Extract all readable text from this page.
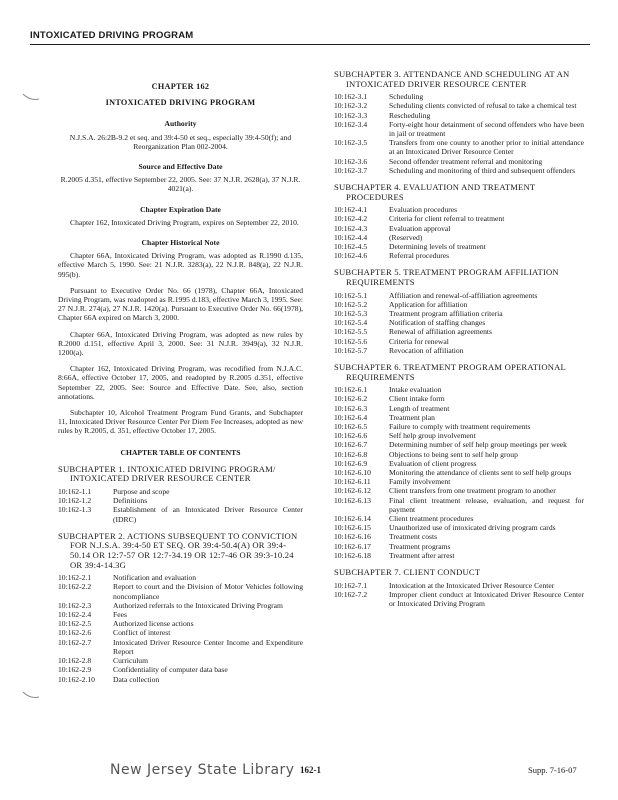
INTOXICATED DRIVING PROGRAM

CHAPTER 162

INTOXICATED DRIVING PROGRAM

Authority

N.J.S.A. 26:2B-9.2 et seq. and 39:4-50 et seq., especially 39:4-50(f); and Reorganization Plan 002-2004.

Source and Effective Date

R.2005 d.351, effective September 22, 2005. See: 37 N.J.R. 2628(a), 37 N.J.R. 4021(a).

Chapter Expiration Date

Chapter 162, Intoxicated Driving Program, expires on September 22, 2010.

Chapter Historical Note

Chapter 66A, Intoxicated Driving Program, was adopted as R.1990 d.135, effective March 5, 1990. See: 21 N.J.R. 3283(a), 22 N.J.R. 848(a), 22 N.J.R. 995(b).

Pursuant to Executive Order No. 66 (1978), Chapter 66A, Intoxicated Driving Program, was readopted as R.1995 d.183, effective March 3, 1995. See: 27 N.J.R. 274(a), 27 N.J.R. 1420(a). Pursuant to Executive Order No. 66(1978), Chapter 66A expired on March 3, 2000.

Chapter 66A, Intoxicated Driving Program, was adopted as new rules by R.2000 d.151, effective April 3, 2000. See: 31 N.J.R. 3949(a), 32 N.J.R. 1200(a).

Chapter 162, Intoxicated Driving Program, was recodified from N.J.A.C. 8:66A, effective October 17, 2005, and readopted by R.2005 d.351, effective September 22, 2005. See: Source and Effective Date. See, also, section annotations.

Subchapter 10, Alcohol Treatment Program Fund Grants, and Subchapter 11, Intoxicated Driver Resource Center Per Diem Fee Increases, adopted as new rules by R.2005, d. 351, effective October 17, 2005.

CHAPTER TABLE OF CONTENTS

SUBCHAPTER 1. INTOXICATED DRIVING PROGRAM/ INTOXICATED DRIVER RESOURCE CENTER

10:162-1.1	Purpose and scope
10:162-1.2	Definitions
10:162-1.3	Establishment of an Intoxicated Driver Resource Center (IDRC)

SUBCHAPTER 2. ACTIONS SUBSEQUENT TO CONVICTION FOR N.J.S.A. 39:4-50 ET SEQ. OR 39:4-50.4(A) OR 39:4-50.14 OR 12:7-57 OR 12:7-34.19 OR 12:7-46 OR 39:3-10.24 OR 39:4-14.3G

10:162-2.1	Notification and evaluation
10:162-2.2	Report to court and the Division of Motor Vehicles following noncompliance
10:162-2.3	Authorized referrals to the Intoxicated Driving Program
10:162-2.4	Fees
10:162-2.5	Authorized license actions
10:162-2.6	Conflict of interest
10:162-2.7	Intoxicated Driver Resource Center Income and Expenditure Report
10:162-2.8	Curriculum
10:162-2.9	Confidentiality of computer data base
10:162-2.10	Data collection

SUBCHAPTER 3. ATTENDANCE AND SCHEDULING AT AN INTOXICATED DRIVER RESOURCE CENTER

10:162-3.1	Scheduling
10:162-3.2	Scheduling clients convicted of refusal to take a chemical test
10:162-3.3	Rescheduling
10:162-3.4	Forty-eight hour detainment of second offenders who have been in jail or treatment
10:162-3.5	Transfers from one county to another prior to initial attendance at an Intoxicated Driver Resource Center
10:162-3.6	Second offender treatment referral and monitoring
10:162-3.7	Scheduling and monitoring of third and subsequent offenders

SUBCHAPTER 4. EVALUATION AND TREATMENT PROCEDURES

10:162-4.1	Evaluation procedures
10:162-4.2	Criteria for client referral to treatment
10:162-4.3	Evaluation approval
10:162-4.4	(Reserved)
10:162-4.5	Determining levels of treatment
10:162-4.6	Referral procedures

SUBCHAPTER 5. TREATMENT PROGRAM AFFILIATION REQUIREMENTS

10:162-5.1	Affiliation and renewal-of-affiliation agreements
10:162-5.2	Application for affiliation
10:162-5.3	Treatment program affiliation criteria
10:162-5.4	Notification of staffing changes
10:162-5.5	Renewal of affiliation agreements
10:162-5.6	Criteria for renewal
10:162-5.7	Revocation of affiliation

SUBCHAPTER 6. TREATMENT PROGRAM OPERATIONAL REQUIREMENTS

10:162-6.1	Intake evaluation
10:162-6.2	Client intake form
10:162-6.3	Length of treatment
10:162-6.4	Treatment plan
10:162-6.5	Failure to comply with treatment requirements
10:162-6.6	Self help group involvement
10:162-6.7	Determining number of self help group meetings per week
10:162-6.8	Objections to being sent to self help group
10:162-6.9	Evaluation of client progress
10:162-6.10	Monitoring the attendance of clients sent to self help groups
10:162-6.11	Family involvement
10:162-6.12	Client transfers from one treatment program to another
10:162-6.13	Final client treatment release, evaluation, and request for payment
10:162-6.14	Client treatment procedures
10:162-6.15	Unauthorized use of intoxicated driving program cards
10:162-6.16	Treatment costs
10:162-6.17	Treatment programs
10:162-6.18	Treatment after arrest

SUBCHAPTER 7. CLIENT CONDUCT

10:162-7.1	Intoxication at the Intoxicated Driver Resource Center
10:162-7.2	Improper client conduct at Intoxicated Driver Resource Center or Intoxicated Driving Program
New Jersey State Library 162-1	Supp. 7-16-07
